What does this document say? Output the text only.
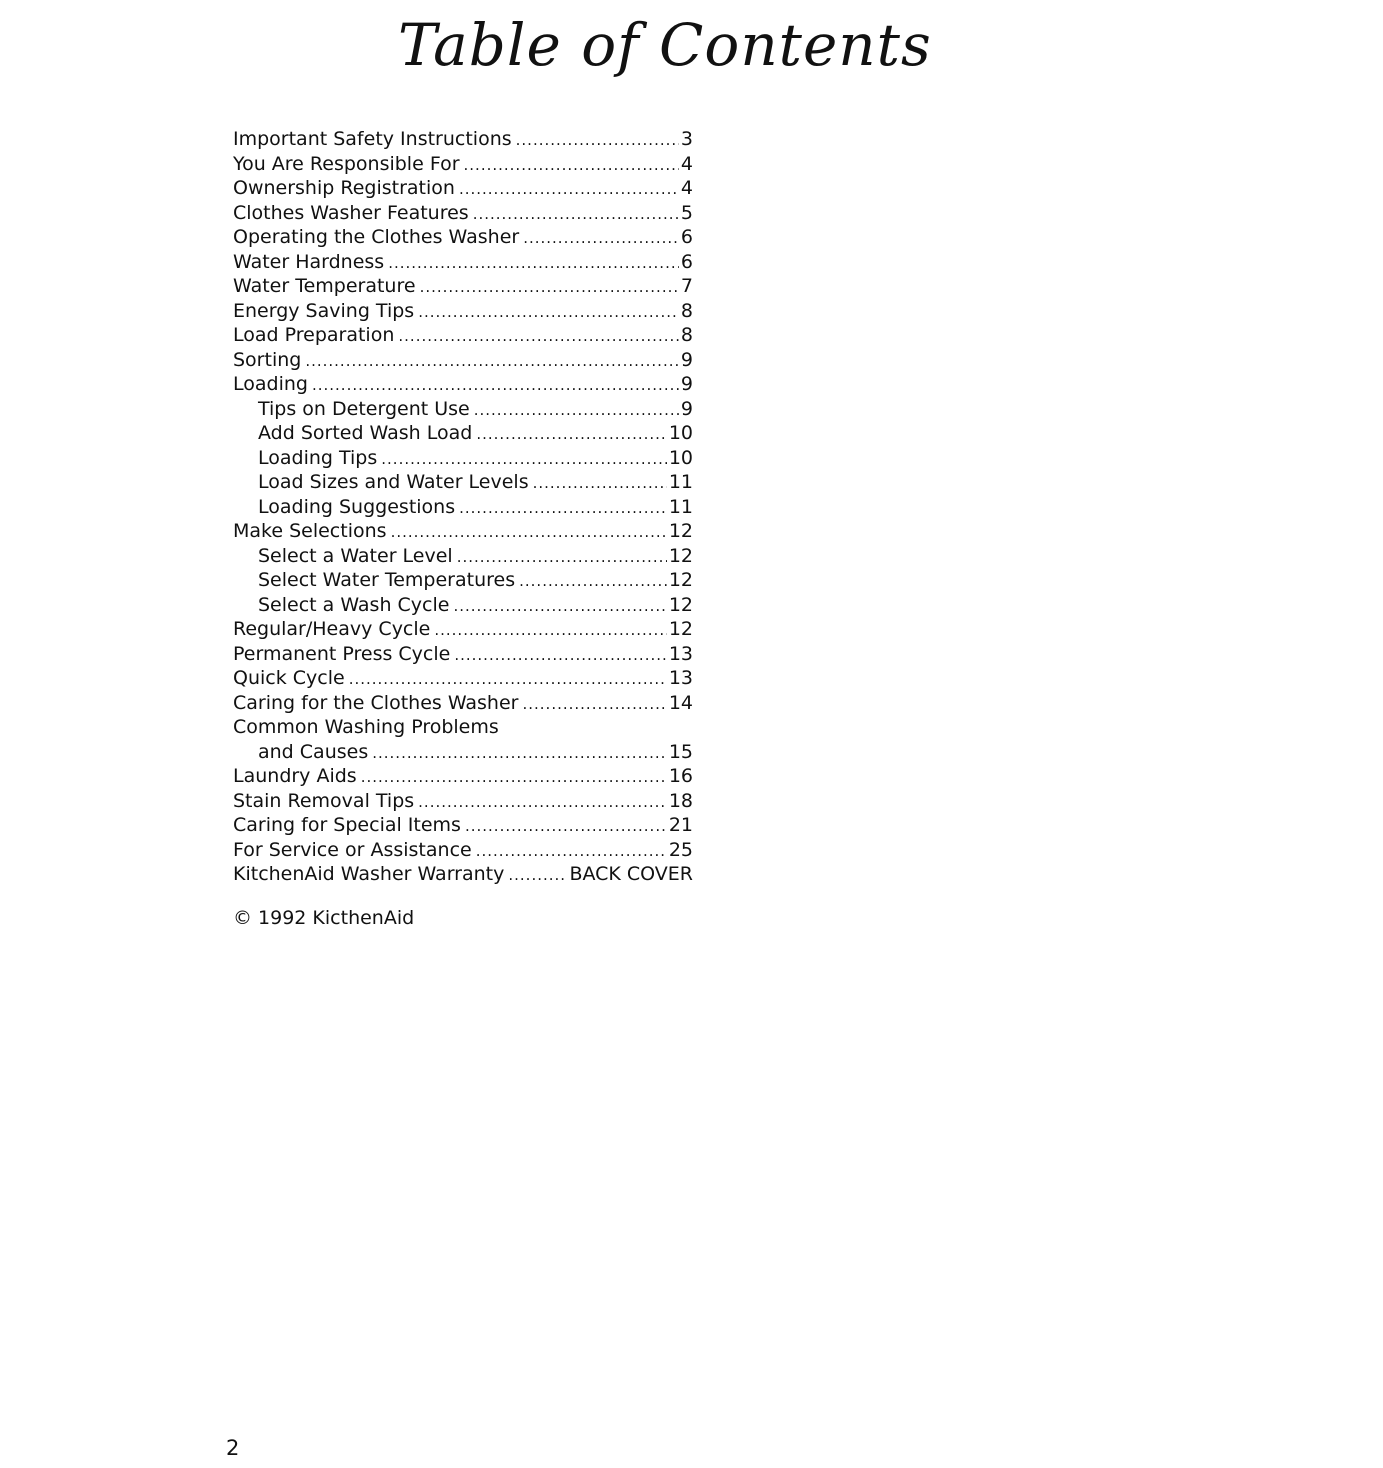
Table of Contents
Important Safety Instructions .....	3
You Are Responsible For .....	4
Ownership Registration .....	4
Clothes Washer Features .....	5
Operating the Clothes Washer .....	6
Water Hardness .....	6
Water Temperature .....	7
Energy Saving Tips .....	8
Load Preparation .....	8
Sorting .....	9
Loading .....	9
Tips on Detergent Use .....	9
Add Sorted Wash Load .....	10
Loading Tips .....	10
Load Sizes and Water Levels .....	11
Loading Suggestions .....	11
Make Selections .....	12
Select a Water Level .....	12
Select Water Temperatures .....	12
Select a Wash Cycle .....	12
Regular/Heavy Cycle .....	12
Permanent Press Cycle .....	13
Quick Cycle .....	13
Caring for the Clothes Washer .....	14
Common Washing Problems
and Causes .....	15
Laundry Aids .....	16
Stain Removal Tips .....	18
Caring for Special Items .....	21
For Service or Assistance .....	25
KitchenAid Washer Warranty .....	BACK COVER

© 1992 KicthenAid

2
